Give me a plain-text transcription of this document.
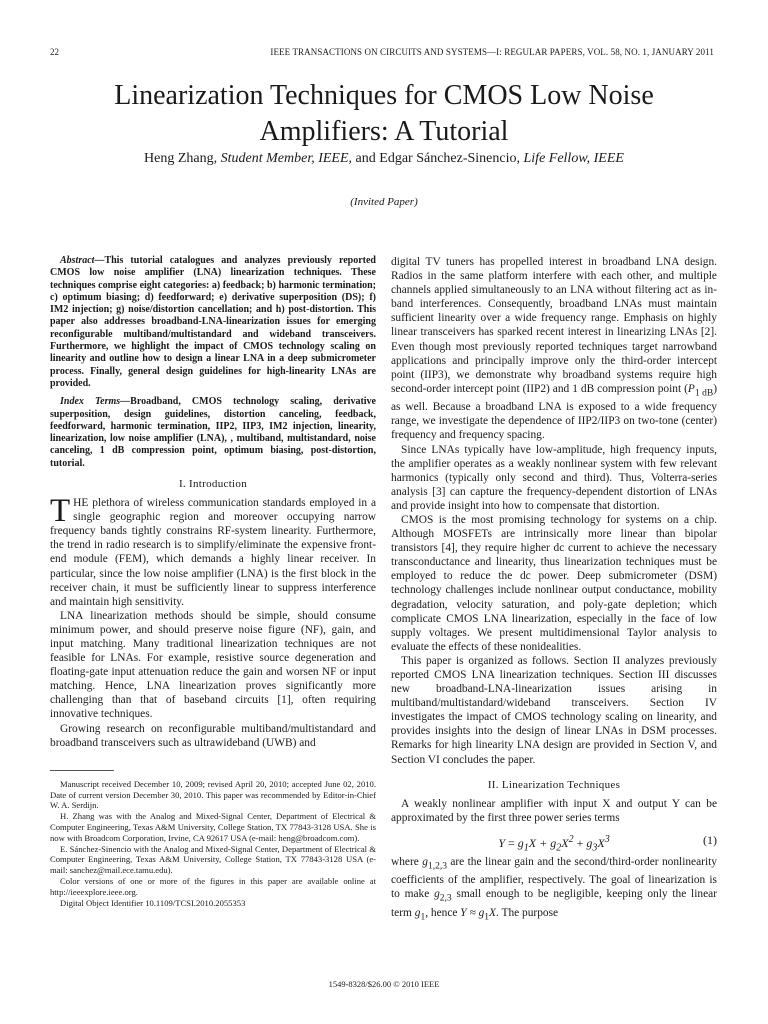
22	IEEE TRANSACTIONS ON CIRCUITS AND SYSTEMS—I: REGULAR PAPERS, VOL. 58, NO. 1, JANUARY 2011
Linearization Techniques for CMOS Low Noise
Amplifiers: A Tutorial
Heng Zhang, Student Member, IEEE, and Edgar Sánchez-Sinencio, Life Fellow, IEEE
(Invited Paper)

Abstract—This tutorial catalogues and analyzes previously reported CMOS low noise amplifier (LNA) linearization techniques. These techniques comprise eight categories: a) feedback; b) harmonic termination; c) optimum biasing; d) feedforward; e) derivative superposition (DS); f) IM2 injection; g) noise/distortion cancellation; and h) post-distortion. This paper also addresses broadband-LNA-linearization issues for emerging reconfigurable multiband/multistandard and wideband transceivers. Furthermore, we highlight the impact of CMOS technology scaling on linearity and outline how to design a linear LNA in a deep submicrometer process. Finally, general design guidelines for high-linearity LNAs are provided.

Index Terms—Broadband, CMOS technology scaling, derivative superposition, design guidelines, distortion canceling, feedback, feedforward, harmonic termination, IIP2, IIP3, IM2 injection, linearity, linearization, low noise amplifier (LNA), , multiband, multistandard, noise canceling, 1 dB compression point, optimum biasing, post-distortion, tutorial.

I. Introduction

THE plethora of wireless communication standards employed in a single geographic region and moreover occupying narrow frequency bands tightly constrains RF-system linearity. Furthermore, the trend in radio research is to simplify/eliminate the expensive front-end module (FEM), which demands a highly linear receiver. In particular, since the low noise amplifier (LNA) is the first block in the receiver chain, it must be sufficiently linear to suppress interference and maintain high sensitivity.

LNA linearization methods should be simple, should consume minimum power, and should preserve noise figure (NF), gain, and input matching. Many traditional linearization techniques are not feasible for LNAs. For example, resistive source degeneration and floating-gate input attenuation reduce the gain and worsen NF or input matching. Hence, LNA linearization proves significantly more challenging than that of baseband circuits [1], often requiring innovative techniques.

Growing research on reconfigurable multiband/multistandard and broadband transceivers such as ultrawideband (UWB) and

Manuscript received December 10, 2009; revised April 20, 2010; accepted June 02, 2010. Date of current version December 30, 2010. This paper was recommended by Editor-in-Chief W. A. Serdijn.

H. Zhang was with the Analog and Mixed-Signal Center, Department of Electrical & Computer Engineering, Texas A&M University, College Station, TX 77843-3128 USA. She is now with Broadcom Corporation, Irvine, CA 92617 USA (e-mail: heng@broadcom.com).

E. Sánchez-Sinencio with the Analog and Mixed-Signal Center, Department of Electrical & Computer Engineering, Texas A&M University, College Station, TX 77843-3128 USA (e-mail: sanchez@mail.ece.tamu.edu).

Color versions of one or more of the figures in this paper are available online at http://ieeexplore.ieee.org.

Digital Object Identifier 10.1109/TCSI.2010.2055353

digital TV tuners has propelled interest in broadband LNA design. Radios in the same platform interfere with each other, and multiple channels applied simultaneously to an LNA without filtering act as in-band interferences. Consequently, broadband LNAs must maintain sufficient linearity over a wide frequency range. Emphasis on highly linear transceivers has sparked recent interest in linearizing LNAs [2]. Even though most previously reported techniques target narrowband applications and principally improve only the third-order intercept point (IIP3), we demonstrate why broadband systems require high second-order intercept point (IIP2) and 1 dB compression point $(P_{1 dB})$ as well. Because a broadband LNA is exposed to a wide frequency range, we investigate the dependence of IIP2/IIP3 on two-tone (center) frequency and frequency spacing.

Since LNAs typically have low-amplitude, high frequency inputs, the amplifier operates as a weakly nonlinear system with few relevant harmonics (typically only second and third). Thus, Volterra-series analysis [3] can capture the frequency-dependent distortion of LNAs and provide insight into how to compensate that distortion.

CMOS is the most promising technology for systems on a chip. Although MOSFETs are intrinsically more linear than bipolar transistors [4], they require higher dc current to achieve the necessary transconductance and linearity, thus linearization techniques must be employed to reduce the dc power. Deep submicrometer (DSM) technology challenges include nonlinear output conductance, mobility degradation, velocity saturation, and poly-gate depletion; which complicate CMOS LNA linearization, especially in the face of low supply voltages. We present multidimensional Taylor analysis to evaluate the effects of these nonidealities.

This paper is organized as follows. Section II analyzes previously reported CMOS LNA linearization techniques. Section III discusses new broadband-LNA-linearization issues arising in multiband/multistandard/wideband transceivers. Section IV investigates the impact of CMOS technology scaling on linearity, and provides insights into the design of linear LNAs in DSM processes. Remarks for high linearity LNA design are provided in Section V, and Section VI concludes the paper.

II. Linearization Techniques

A weakly nonlinear amplifier with input X and output Y can be approximated by the first three power series terms

$Y = g_1X + g_2X^2 + g_3X^3$	(1)

where $g_{1,2,3}$ are the linear gain and the second/third-order nonlinearity coefficients of the amplifier, respectively. The goal of linearization is to make $g_{2,3}$ small enough to be negligible, keeping only the linear term $g_1$, hence $Y \approx g_1X$. The purpose

1549-8328/$26.00 © 2010 IEEE
